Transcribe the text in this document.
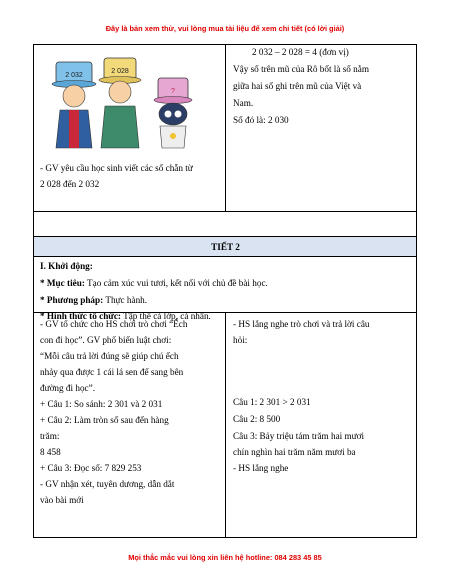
Đây là bản xem thử, vui lòng mua tài liệu để xem chi tiết (có lời giải)
2 032
2 028
?
- GV yêu cầu học sinh viết các số chẵn từ
2 028 đến 2 032
2 032 – 2 028 = 4 (đơn vị)
Vậy số trên mũ của Rô bốt là số nằm
giữa hai số ghi trên mũ của Việt và
Nam.
Số đó là: 2 030
TIẾT 2
I. Khởi động:
* Mục tiêu: Tạo cảm xúc vui tươi, kết nối với chủ đề bài học.
* Phương pháp: Thực hành.
* Hình thức tổ chức: Tập thể cả lớp, cá nhân.
- GV tổ chức cho HS chơi trò chơi “Ếch
con đi học”. GV phổ biến luật chơi:
“Mỗi câu trả lời đúng sẽ giúp chú ếch
nhảy qua được 1 cái lá sen để sang bên
đường đi học”.
+ Câu 1: So sánh: 2 301 và 2 031
+ Câu 2: Làm tròn số sau đến hàng
trăm:
8 458
+ Câu 3: Đọc số: 7 829 253
- GV nhận xét, tuyên dương, dẫn dắt
vào bài mới
- HS lắng nghe trò chơi và trả lời câu
hỏi:
Câu 1: 2 301 > 2 031
Câu 2: 8 500
Câu 3: Bảy triệu tám trăm hai mươi
chín nghìn hai trăm năm mươi ba
- HS lắng nghe
Mọi thắc mắc vui lòng xin liên hệ hotline: 084 283 45 85
